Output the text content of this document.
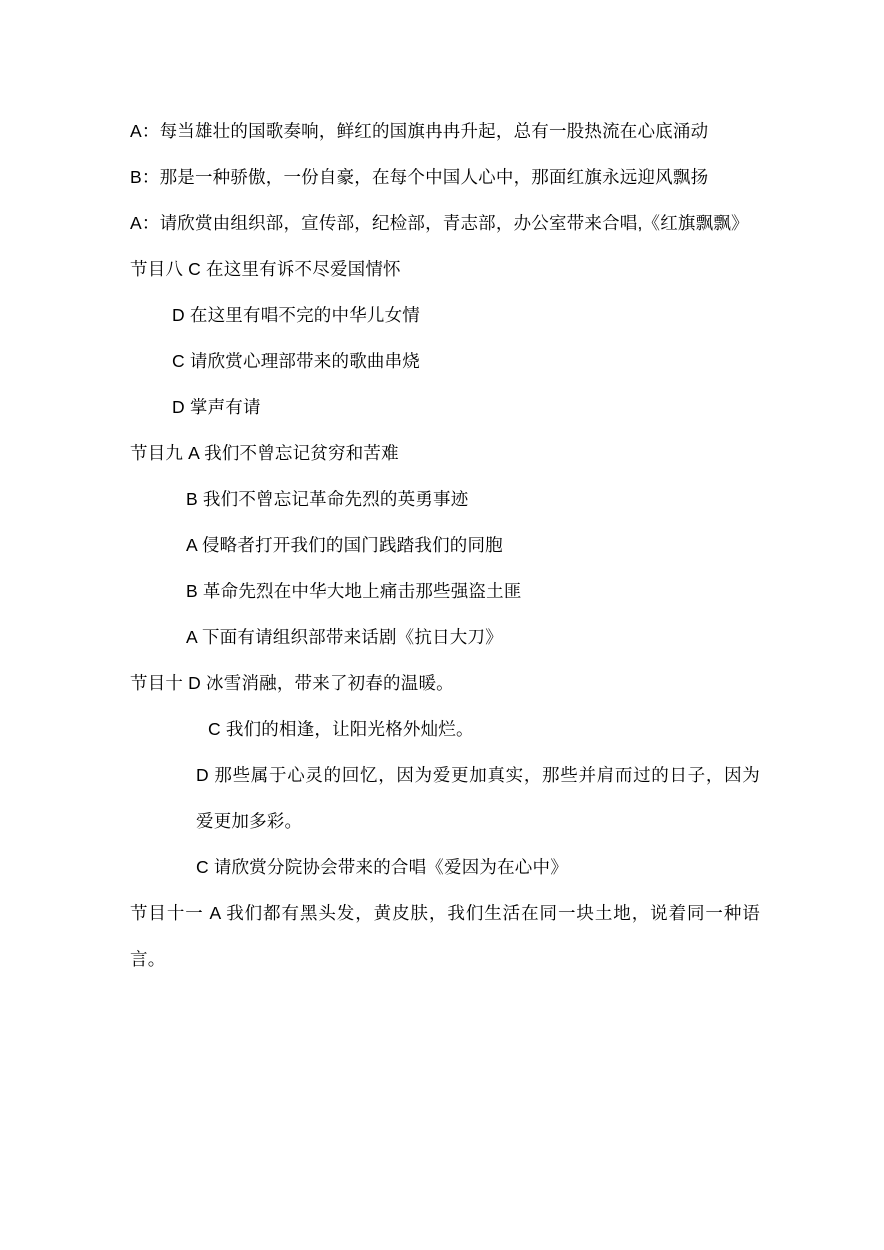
A：每当雄壮的国歌奏响，鲜红的国旗冉冉升起，总有一股热流在心底涌动

B：那是一种骄傲，一份自豪，在每个中国人心中，那面红旗永远迎风飘扬

A：请欣赏由组织部，宣传部，纪检部，青志部，办公室带来合唱,《红旗飘飘》

节目八 C 在这里有诉不尽爱国情怀

D 在这里有唱不完的中华儿女情

C 请欣赏心理部带来的歌曲串烧

D 掌声有请

节目九 A 我们不曾忘记贫穷和苦难

B 我们不曾忘记革命先烈的英勇事迹

A 侵略者打开我们的国门践踏我们的同胞

B 革命先烈在中华大地上痛击那些强盗土匪

A 下面有请组织部带来话剧《抗日大刀》

节目十 D 冰雪消融，带来了初春的温暖。

C 我们的相逢，让阳光格外灿烂。

D 那些属于心灵的回忆，因为爱更加真实，那些并肩而过的日子，因为爱更加多彩。

C 请欣赏分院协会带来的合唱《爱因为在心中》

节目十一 A 我们都有黑头发，黄皮肤，我们生活在同一块土地，说着同一种语言。
